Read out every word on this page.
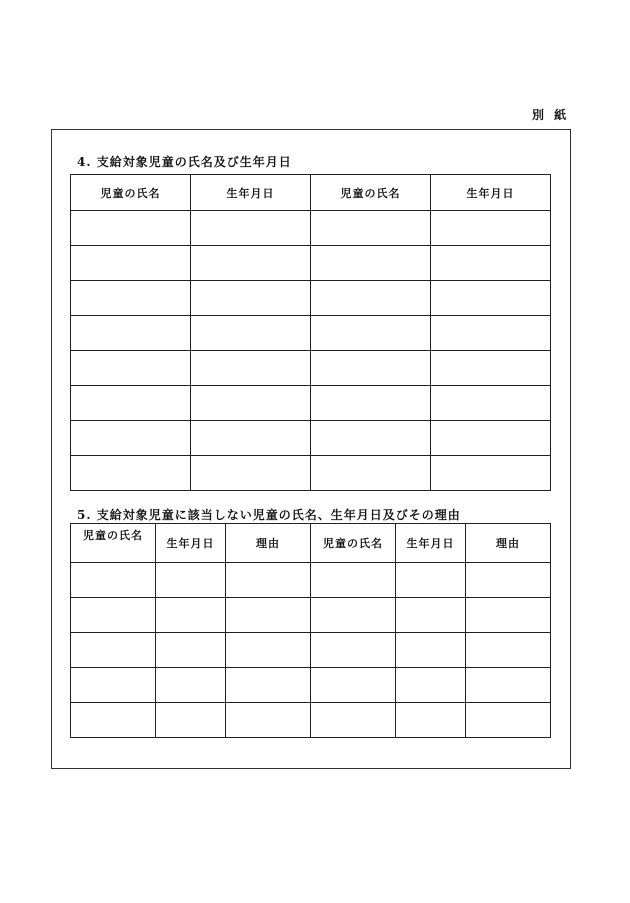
別 紙
4. 支給対象児童の氏名及び生年月日
児童の氏名	生年月日	児童の氏名	生年月日

5. 支給対象児童に該当しない児童の氏名、生年月日及びその理由
児童の氏名	生年月日	理由	児童の氏名	生年月日	理由
